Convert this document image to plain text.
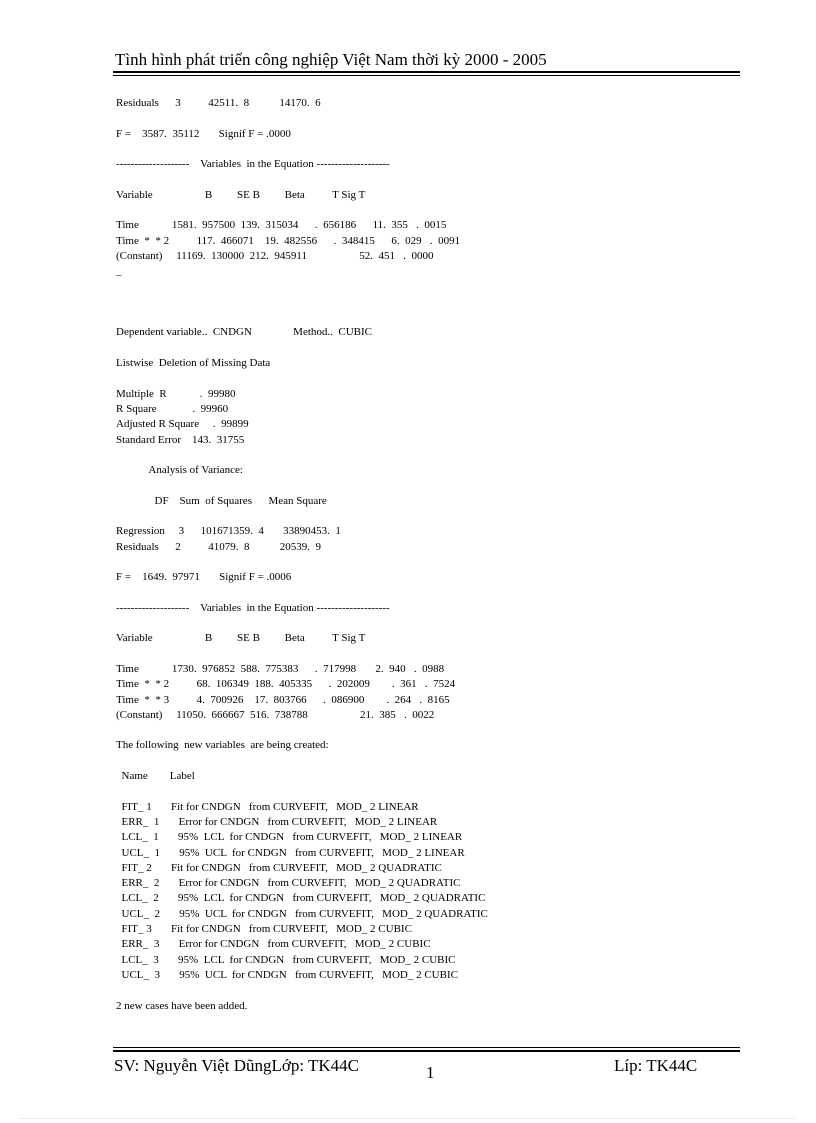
Tình hình phát triển công nghiệp Việt Nam thời kỳ 2000 - 2005
Residuals      3          42511.  8           14170.  6
F =    3587.  35112       Signif F = .0000
--------------------    Variables  in the Equation --------------------
Variable                   B         SE B         Beta          T Sig T
Time            1581.  957500  139.  315034      .  656186      11.  355   .  0015
Time  *  * 2          117.  466071    19.  482556      .  348415      6.  029   .  0091
(Constant)     11169.  130000  212.  945911                   52.  451   .  0000
_
Dependent variable..  CNDGN               Method..  CUBIC
Listwise  Deletion of Missing Data
Multiple  R            .  99980
R Square             .  99960
Adjusted R Square     .  99899
Standard Error    143.  31755
Analysis of Variance:
DF    Sum  of Squares      Mean Square
Regression     3      101671359.  4       33890453.  1
Residuals      2          41079.  8           20539.  9
F =    1649.  97971       Signif F = .0006
--------------------    Variables  in the Equation --------------------
Variable                   B         SE B         Beta          T Sig T
Time            1730.  976852  588.  775383      .  717998       2.  940   .  0988
Time  *  * 2          68.  106349  188.  405335      .  202009        .  361   .  7524
Time  *  * 3          4.  700926    17.  803766      .  086900        .  264   .  8165
(Constant)     11050.  666667  516.  738788                   21.  385   .  0022
The following  new variables  are being created:
Name        Label
FIT_ 1       Fit for CNDGN   from CURVEFIT,   MOD_ 2 LINEAR
ERR_  1       Error for CNDGN   from CURVEFIT,   MOD_ 2 LINEAR
LCL_  1       95%  LCL  for CNDGN   from CURVEFIT,   MOD_ 2 LINEAR
UCL_  1       95%  UCL  for CNDGN   from CURVEFIT,   MOD_ 2 LINEAR
FIT_ 2       Fit for CNDGN   from CURVEFIT,   MOD_ 2 QUADRATIC
ERR_  2       Error for CNDGN   from CURVEFIT,   MOD_ 2 QUADRATIC
LCL_  2       95%  LCL  for CNDGN   from CURVEFIT,   MOD_ 2 QUADRATIC
UCL_  2       95%  UCL  for CNDGN   from CURVEFIT,   MOD_ 2 QUADRATIC
FIT_ 3       Fit for CNDGN   from CURVEFIT,   MOD_ 2 CUBIC
ERR_  3       Error for CNDGN   from CURVEFIT,   MOD_ 2 CUBIC
LCL_  3       95%  LCL  for CNDGN   from CURVEFIT,   MOD_ 2 CUBIC
UCL_  3       95%  UCL  for CNDGN   from CURVEFIT,   MOD_ 2 CUBIC
2 new cases have been added.
SV: Nguyễn Việt DũngLớp: TK44C	1	Líp: TK44C
